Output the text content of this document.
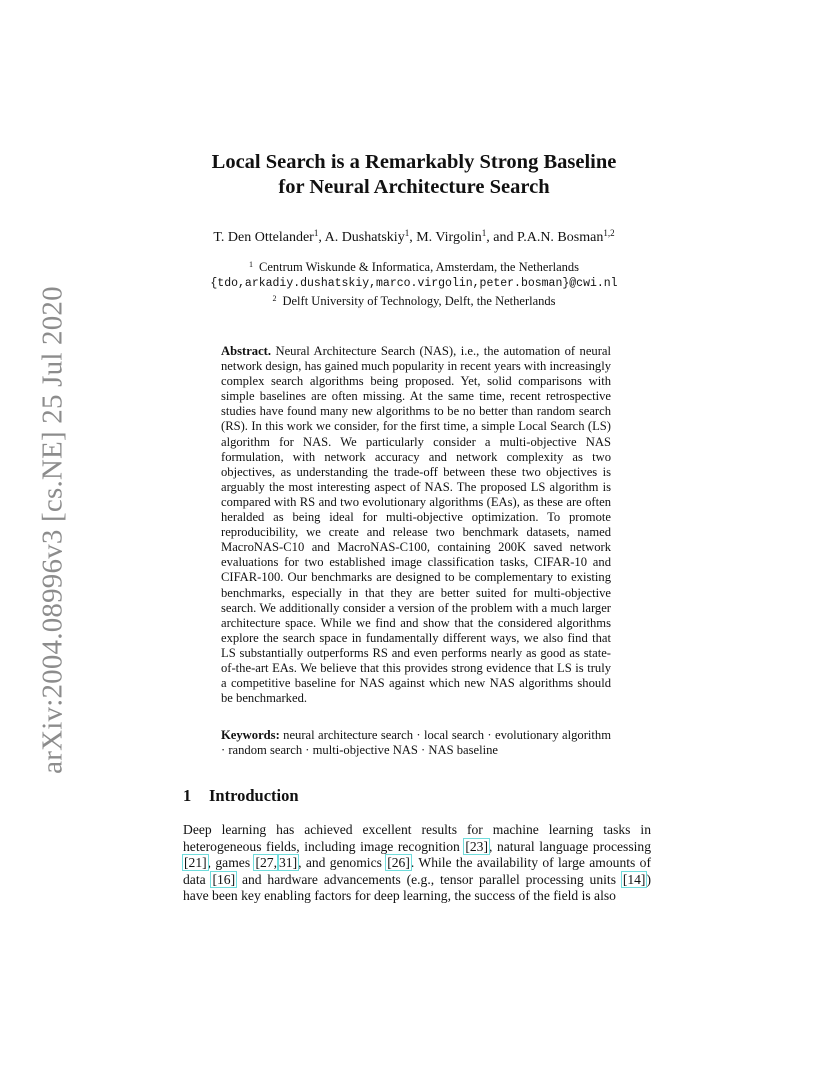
arXiv:2004.08996v3 [cs.NE] 25 Jul 2020
Local Search is a Remarkably Strong Baseline
for Neural Architecture Search
T. Den Ottelander$^1$, A. Dushatskiy$^1$, M. Virgolin$^1$, and P.A.N. Bosman$^{1,2}$
$^1$ Centrum Wiskunde & Informatica, Amsterdam, the Netherlands
{tdo,arkadiy.dushatskiy,marco.virgolin,peter.bosman}@cwi.nl
$^2$ Delft University of Technology, Delft, the Netherlands
Abstract. Neural Architecture Search (NAS), i.e., the automation of neural network design, has gained much popularity in recent years with increasingly complex search algorithms being proposed. Yet, solid comparisons with simple baselines are often missing. At the same time, recent retrospective studies have found many new algorithms to be no better than random search (RS). In this work we consider, for the first time, a simple Local Search (LS) algorithm for NAS. We particularly consider a multi-objective NAS formulation, with network accuracy and network complexity as two objectives, as understanding the trade-off between these two objectives is arguably the most interesting aspect of NAS. The proposed LS algorithm is compared with RS and two evolutionary algorithms (EAs), as these are often heralded as being ideal for multi-objective optimization. To promote reproducibility, we create and release two benchmark datasets, named MacroNAS-C10 and MacroNAS-C100, containing 200K saved network evaluations for two established image classification tasks, CIFAR-10 and CIFAR-100. Our benchmarks are designed to be complementary to existing benchmarks, especially in that they are better suited for multi-objective search. We additionally consider a version of the problem with a much larger architecture space. While we find and show that the considered algorithms explore the search space in fundamentally different ways, we also find that LS substantially outperforms RS and even performs nearly as good as state-of-the-art EAs. We believe that this provides strong evidence that LS is truly a competitive baseline for NAS against which new NAS algorithms should be benchmarked.
Keywords: neural architecture search · local search · evolutionary algorithm · random search · multi-objective NAS · NAS baseline
1 Introduction
Deep learning has achieved excellent results for machine learning tasks in heterogeneous fields, including image recognition [23], natural language processing [21], games [27, 31], and genomics [26]. While the availability of large amounts of data [16] and hardware advancements (e.g., tensor parallel processing units [14]) have been key enabling factors for deep learning, the success of the field is also
